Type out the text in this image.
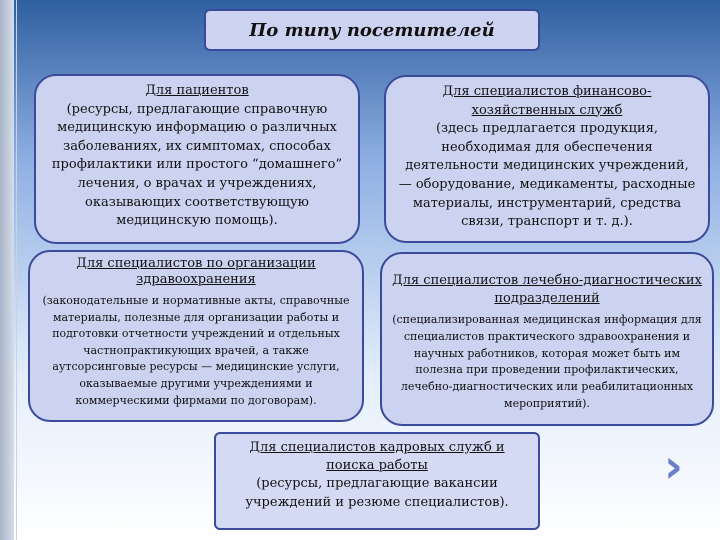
По типу посетителей
Для пациентов
(ресурсы, предлагающие справочную медицинскую информацию о различных заболеваниях, их симптомах, способах профилактики или простого “домашнего” лечения, о врачах и учреждениях, оказывающих соответствующую медицинскую помощь).
Для специалистов финансово-хозяйственных служб
(здесь предлагается продукция, необходимая для обеспечения деятельности медицинских учреждений, — оборудование, медикаменты, расходные материалы, инструментарий, средства связи, транспорт и т. д.).
Для специалистов по организации здравоохранения
(законодательные и нормативные акты, справочные материалы, полезные для организации работы и подготовки отчетности учреждений и отдельных частнопрактикующих врачей, а также аутсорсинговые ресурсы — медицинские услуги, оказываемые другими учреждениями и коммерческими фирмами по договорам).
Для специалистов лечебно-диагностических подразделений
(специализированная медицинская информация для специалистов практического здравоохранения и научных работников, которая может быть им полезна при проведении профилактических, лечебно-диагностических или реабилитационных мероприятий).
Для специалистов кадровых служб и поиска работы
(ресурсы, предлагающие вакансии учреждений и резюме специалистов).
›
